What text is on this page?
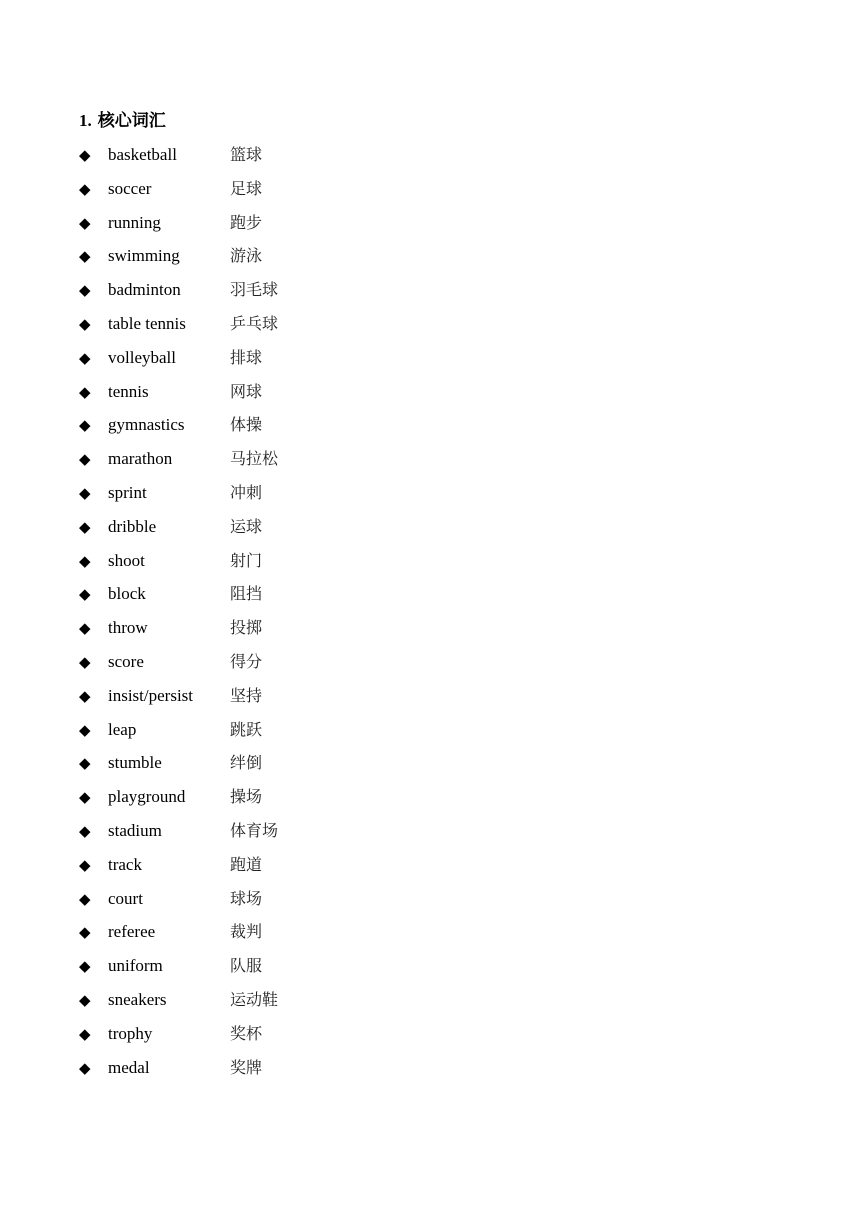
1. 核心词汇
◆ basketball	篮球
◆ soccer	足球
◆ running	跑步
◆ swimming	游泳
◆ badminton	羽毛球
◆ table tennis	乒乓球
◆ volleyball	排球
◆ tennis	网球
◆ gymnastics	体操
◆ marathon	马拉松
◆ sprint	冲刺
◆ dribble	运球
◆ shoot	射门
◆ block	阻挡
◆ throw	投掷
◆ score	得分
◆ insist/persist 坚持
◆ leap	跳跃
◆ stumble	绊倒
◆ playground	操场
◆ stadium	体育场
◆ track	跑道
◆ court	球场
◆ referee	裁判
◆ uniform	队服
◆ sneakers	运动鞋
◆ trophy	奖杯
◆ medal	奖牌
